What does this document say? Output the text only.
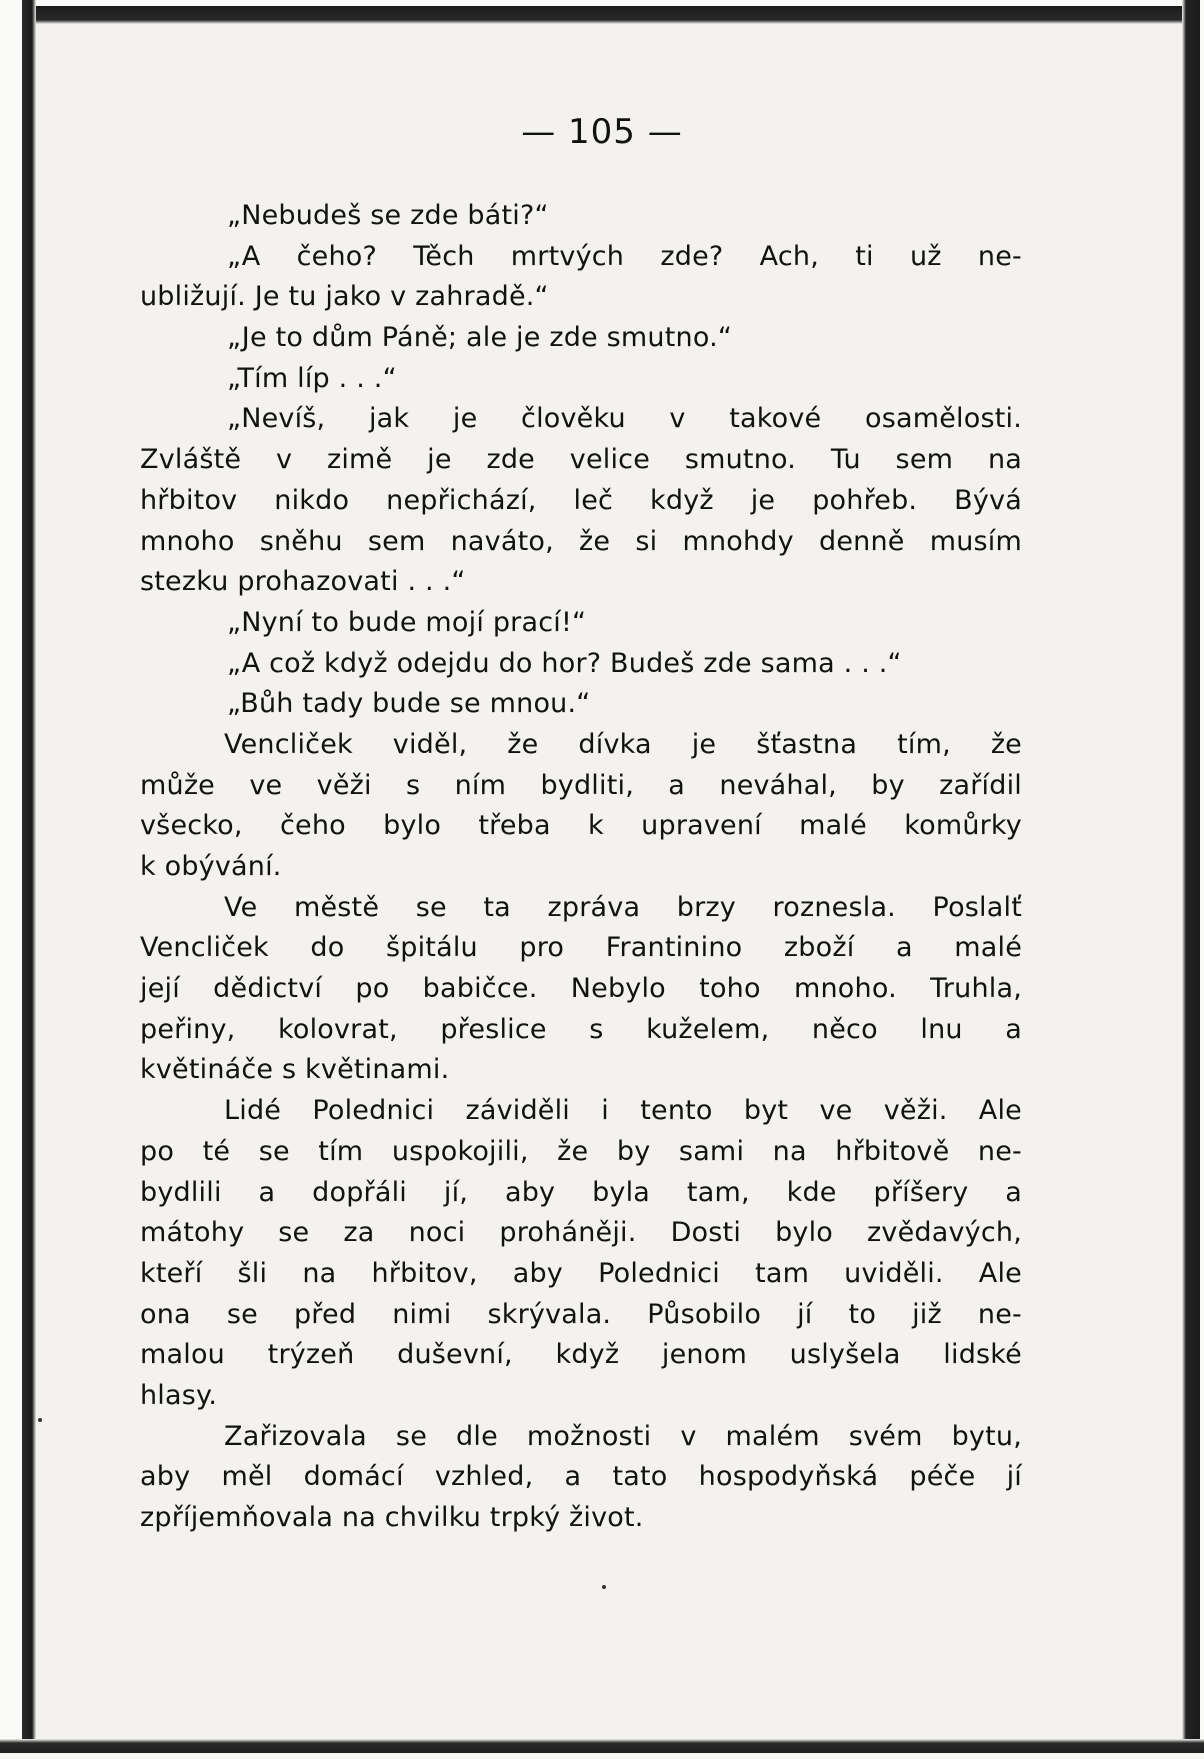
— 105 —
„Nebudeš se zde báti?“
„A čeho? Těch mrtvých zde? Ach, ti už ne-
ubližují. Je tu jako v zahradě.“
„Je to dům Páně; ale je zde smutno.“
„Tím líp . . .“
„Nevíš, jak je člověku v takové osamělosti.
Zvláště v zimě je zde velice smutno. Tu sem na
hřbitov nikdo nepřichází, leč když je pohřeb. Bývá
mnoho sněhu sem naváto, že si mnohdy denně musím
stezku prohazovati . . .“
„Nyní to bude mojí prací!“
„A což když odejdu do hor? Budeš zde sama . . .“
„Bůh tady bude se mnou.“
Vencliček viděl, že dívka je šťastna tím, že
může ve věži s ním bydliti, a neváhal, by zařídil
všecko, čeho bylo třeba k upravení malé komůrky
k obývání.
Ve městě se ta zpráva brzy roznesla. Poslalť
Vencliček do špitálu pro Frantinino zboží a malé
její dědictví po babičce. Nebylo toho mnoho. Truhla,
peřiny, kolovrat, přeslice s kuželem, něco lnu a
květináče s květinami.
Lidé Polednici záviděli i tento byt ve věži. Ale
po té se tím uspokojili, že by sami na hřbitově ne-
bydlili a dopřáli jí, aby byla tam, kde příšery a
mátohy se za noci proháněji. Dosti bylo zvědavých,
kteří šli na hřbitov, aby Polednici tam uviděli. Ale
ona se před nimi skrývala. Působilo jí to již ne-
malou trýzeň duševní, když jenom uslyšela lidské
hlasy.
Zařizovala se dle možnosti v malém svém bytu,
aby měl domácí vzhled, a tato hospodyňská péče jí
zpříjemňovala na chvilku trpký život.
